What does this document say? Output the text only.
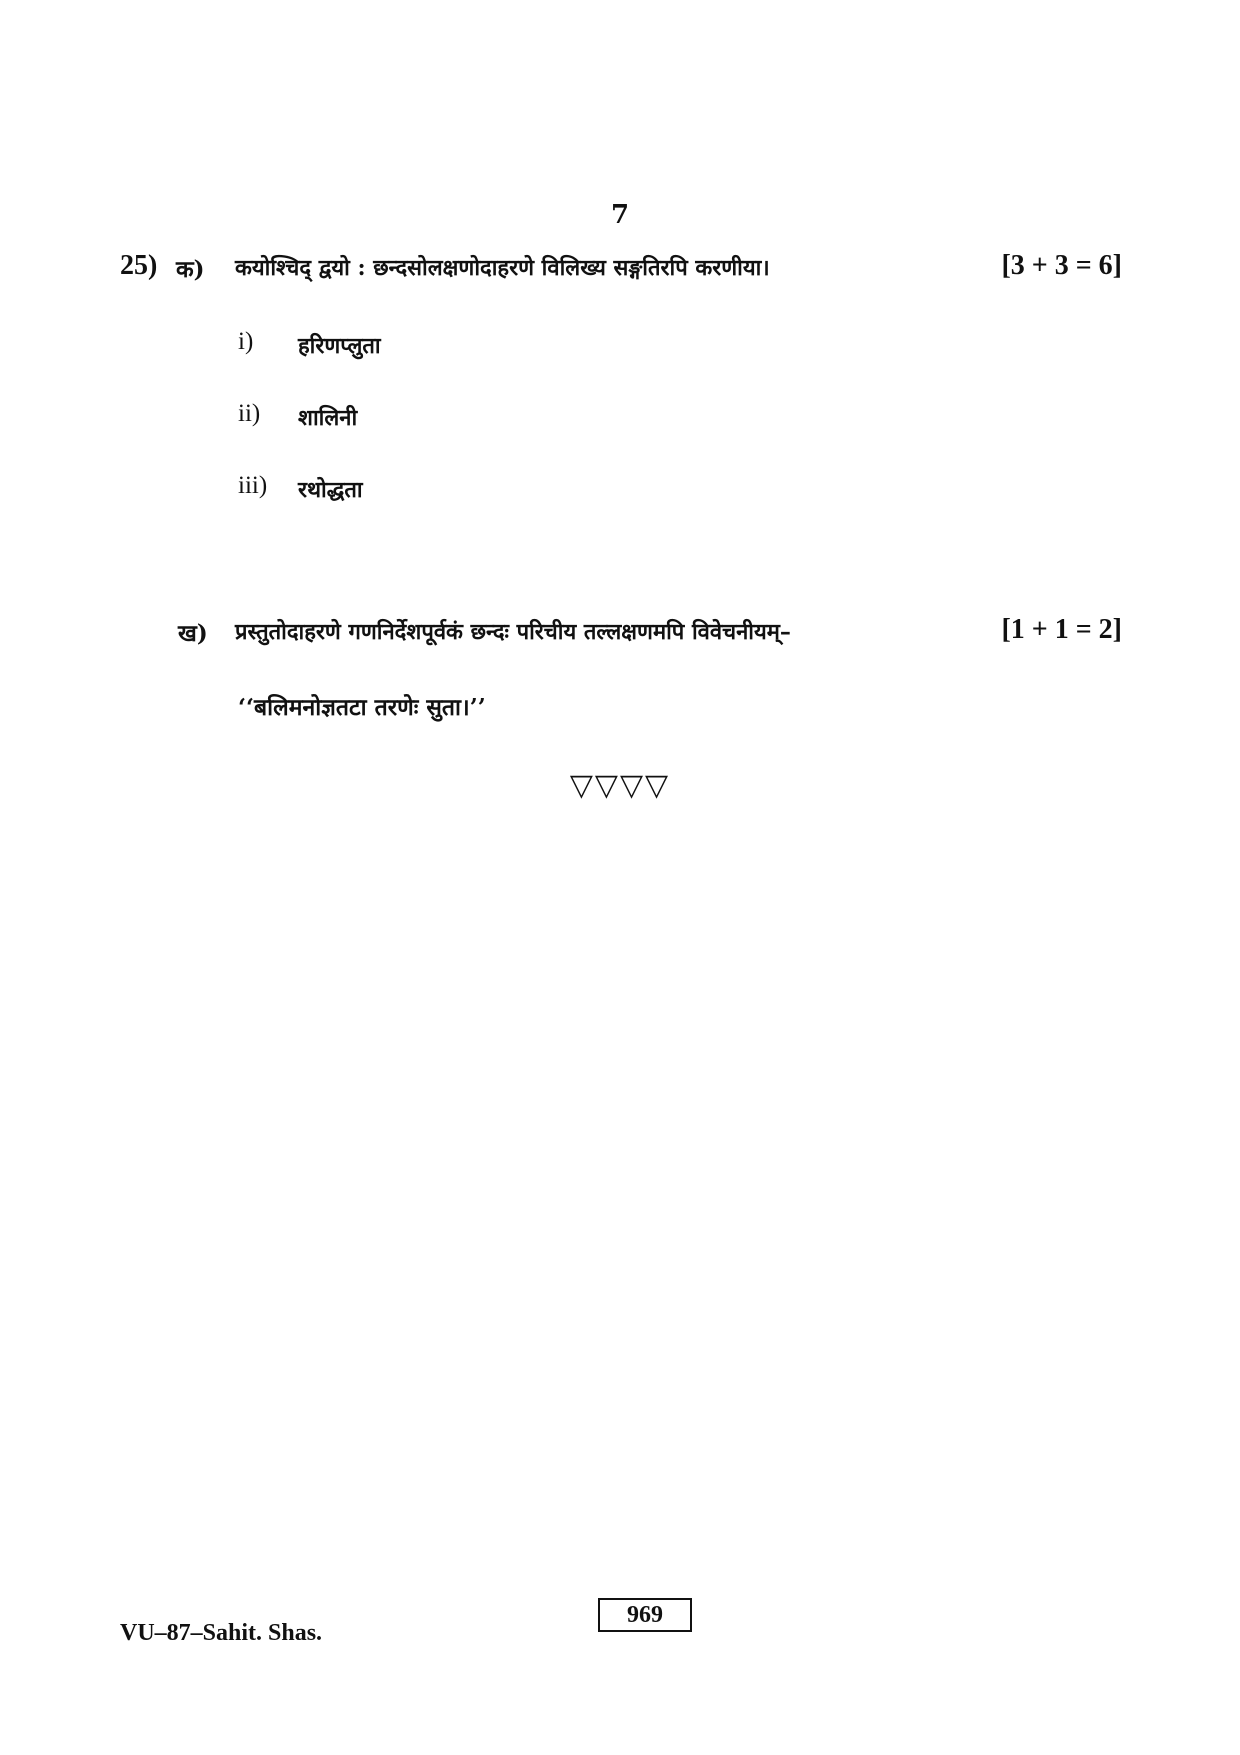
7
25) क) कयोश्चिद् द्वयो : छन्दसोलक्षणोदाहरणे विलिख्य सङ्गतिरपि करणीया।	[3 + 3 = 6]
i) हरिणप्लुता
ii) शालिनी
iii) रथोद्धता
ख) प्रस्तुतोदाहरणे गणनिर्देशपूर्वकं छन्दः परिचीय तल्लक्षणमपि विवेचनीयम्–	[1 + 1 = 2]
‘‘बलिमनोज्ञतटा तरणेः सुता।’’
▽▽▽▽
VU–87–Sahit. Shas.
969
